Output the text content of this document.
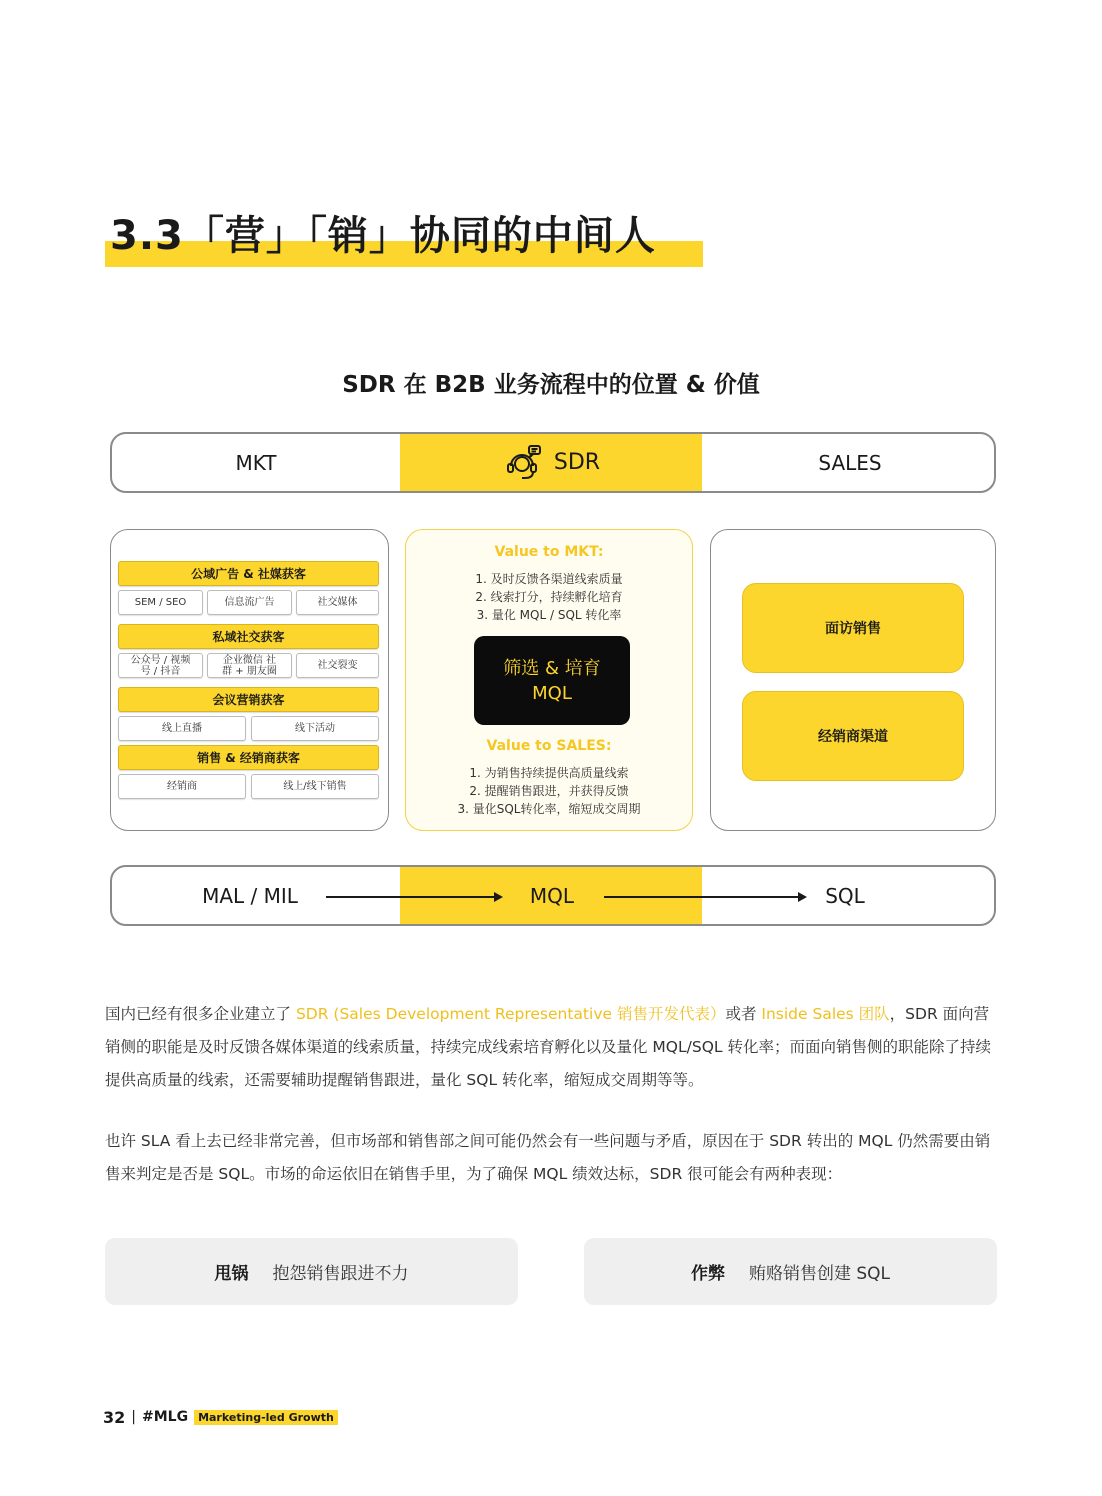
3.3「营」「销」协同的中间人
SDR 在 B2B 业务流程中的位置 & 价值
MKT	SDR	SALES
公域广告 & 社媒获客
SEM / SEO	信息流广告	社交媒体
私域社交获客
公众号 / 视频号 / 抖音
企业微信 社群 + 朋友圈	社交裂变
会议营销获客
线上直播	线下活动
销售 & 经销商获客
经销商	线上/线下销售
Value to MKT:
1. 及时反馈各渠道线索质量
2. 线索打分，持续孵化培育
3. 量化 MQL / SQL 转化率
筛选 & 培育
MQL
Value to SALES:
1. 为销售持续提供高质量线索
2. 提醒销售跟进，并获得反馈
3. 量化SQL转化率，缩短成交周期
面访销售
经销商渠道
MAL / MIL	MQL	SQL
国内已经有很多企业建立了 SDR (Sales Development Representative 销售开发代表）或者 Inside Sales 团队，SDR 面向营销侧的职能是及时反馈各媒体渠道的线索质量，持续完成线索培育孵化以及量化 MQL/SQL 转化率；而面向销售侧的职能除了持续提供高质量的线索，还需要辅助提醒销售跟进，量化 SQL 转化率，缩短成交周期等等。
也许 SLA 看上去已经非常完善，但市场部和销售部之间可能仍然会有一些问题与矛盾，原因在于 SDR 转出的 MQL 仍然需要由销售来判定是否是 SQL。市场的命运依旧在销售手里，为了确保 MQL 绩效达标，SDR 很可能会有两种表现：
甩锅 抱怨销售跟进不力	作弊 贿赂销售创建 SQL
32 | #MLG Marketing-led Growth
